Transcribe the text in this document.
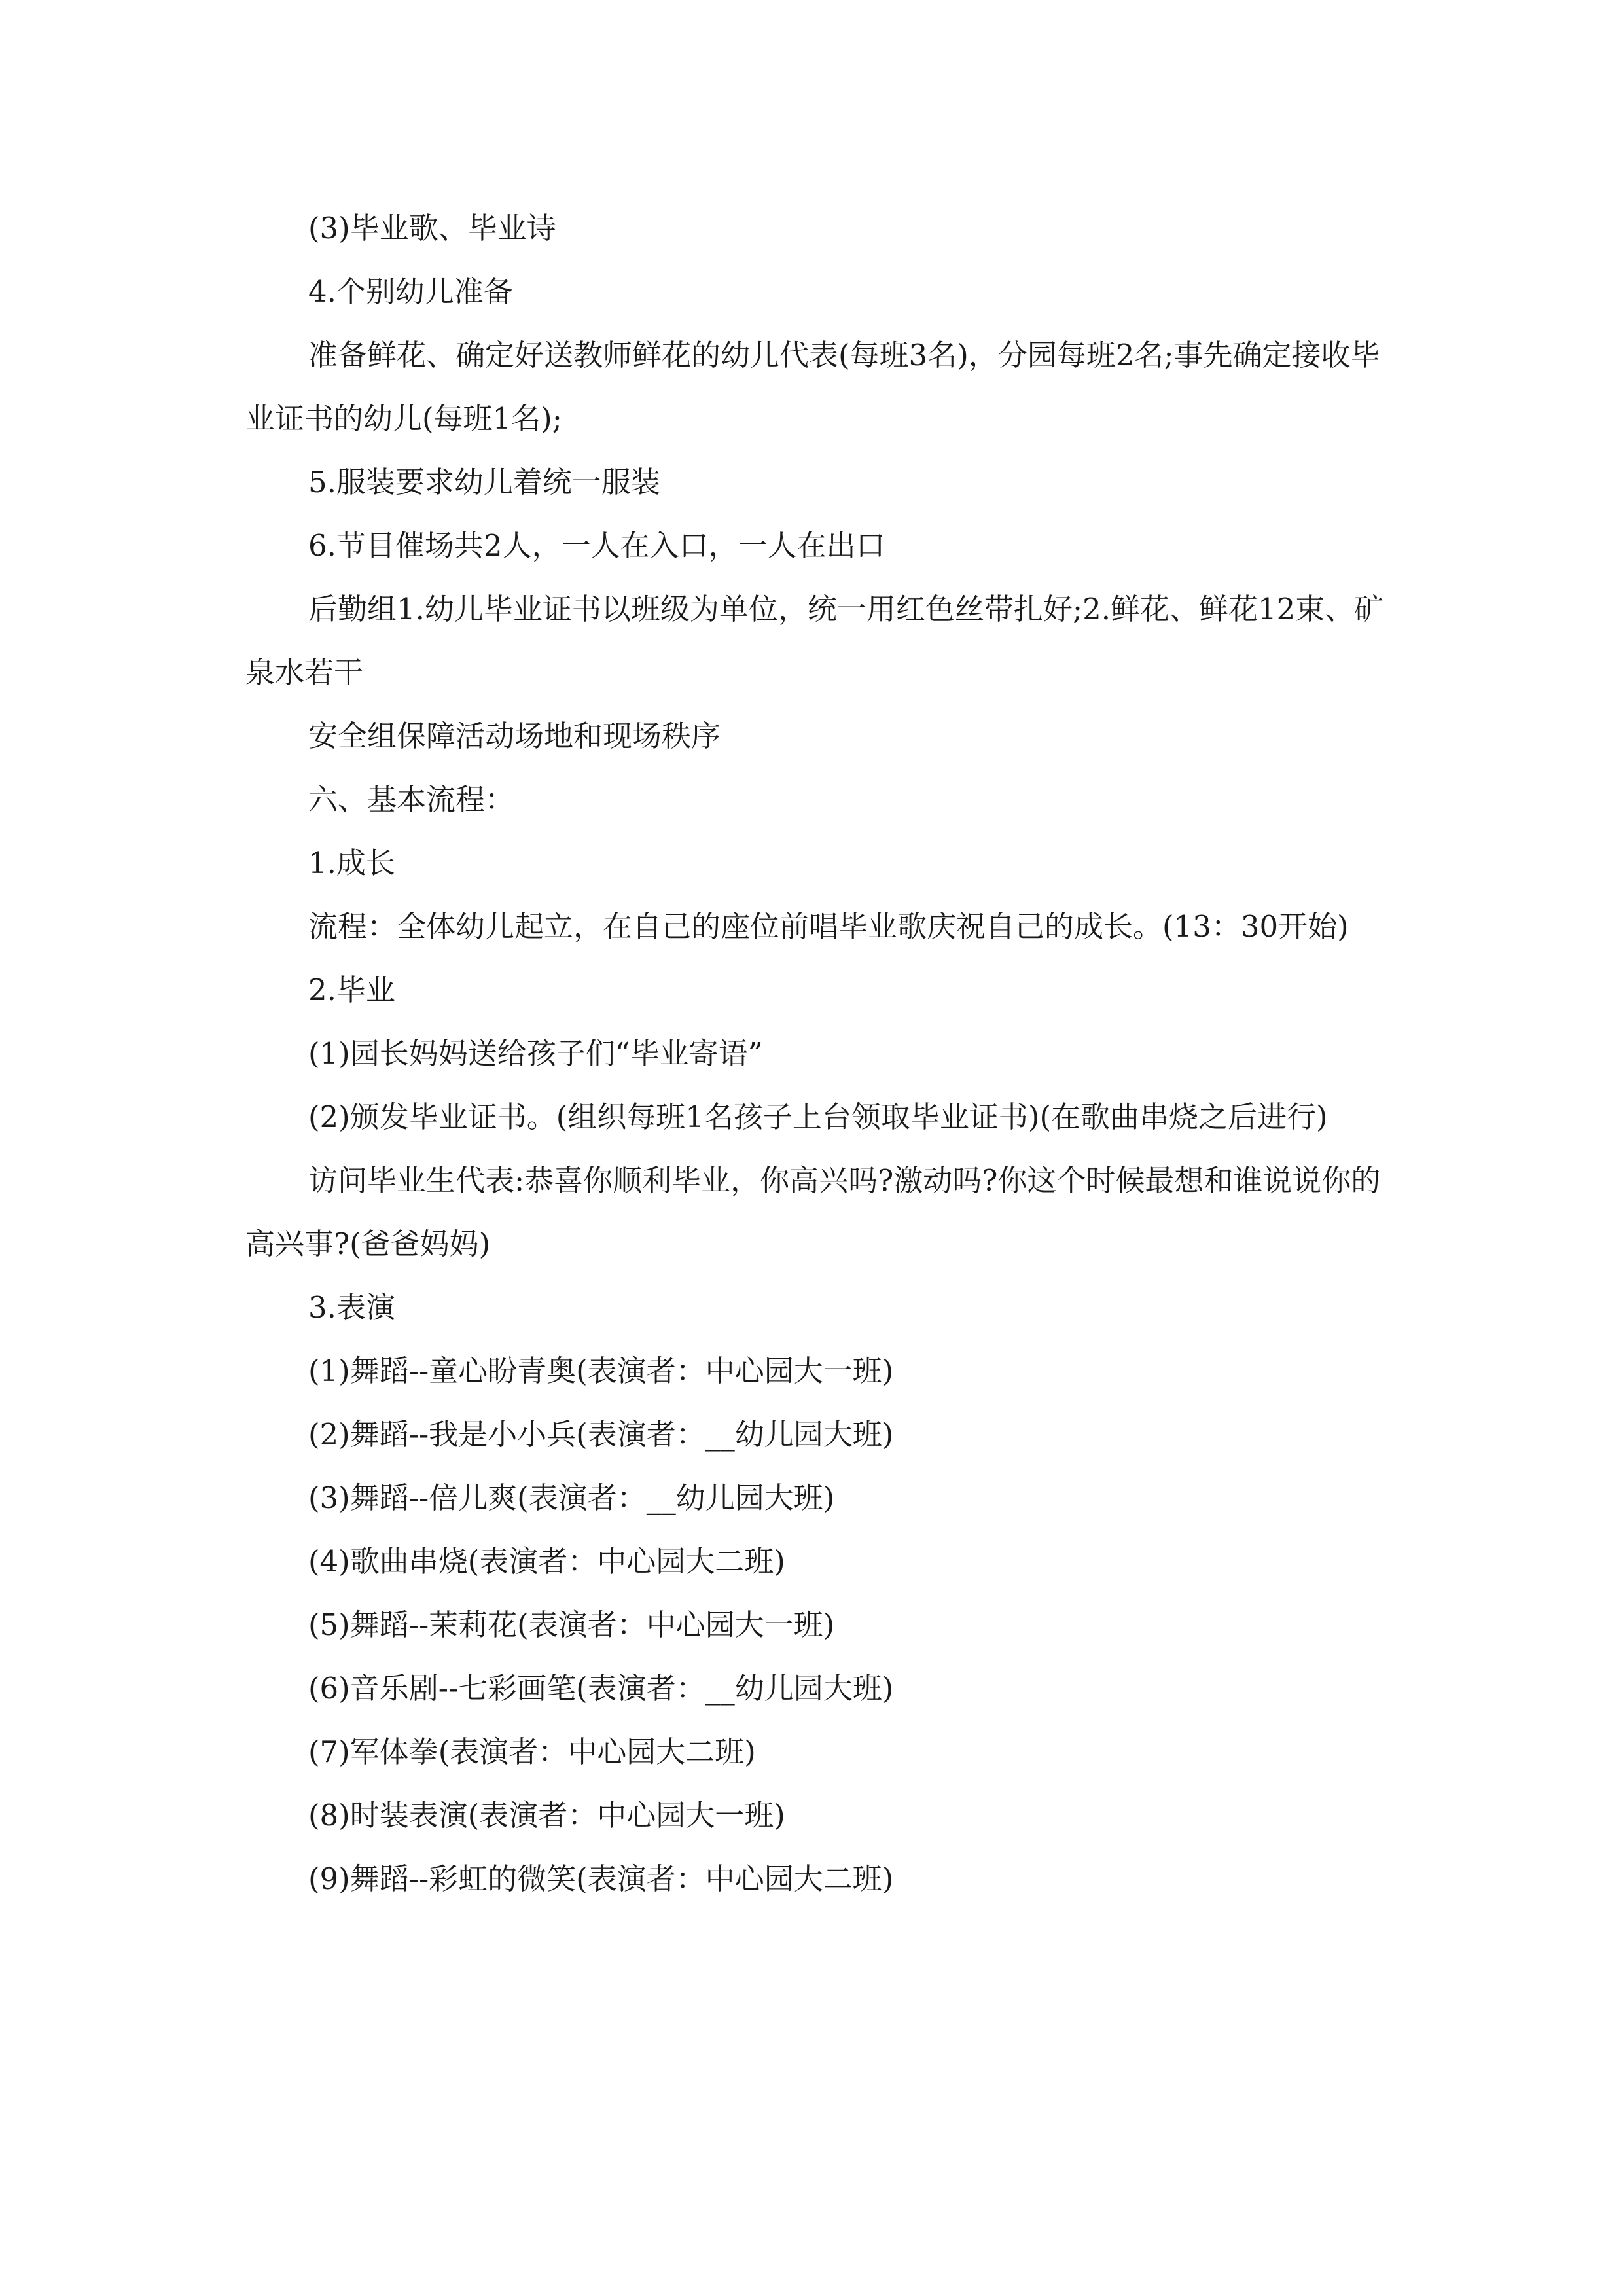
(3)毕业歌、毕业诗

4.个别幼儿准备

准备鲜花、确定好送教师鲜花的幼儿代表(每班3名)，分园每班2名;事先确定接收毕业证书的幼儿(每班1名);

5.服装要求幼儿着统一服装

6.节目催场共2人，一人在入口，一人在出口

后勤组1.幼儿毕业证书以班级为单位，统一用红色丝带扎好;2.鲜花、鲜花12束、矿泉水若干

安全组保障活动场地和现场秩序

六、基本流程：

1.成长

流程：全体幼儿起立，在自己的座位前唱毕业歌庆祝自己的成长。(13：30开始)

2.毕业

(1)园长妈妈送给孩子们“毕业寄语”

(2)颁发毕业证书。(组织每班1名孩子上台领取毕业证书)(在歌曲串烧之后进行)

访问毕业生代表:恭喜你顺利毕业，你高兴吗?激动吗?你这个时候最想和谁说说你的高兴事?(爸爸妈妈)

3.表演

(1)舞蹈--童心盼青奥(表演者：中心园大一班)

(2)舞蹈--我是小小兵(表演者：__幼儿园大班)

(3)舞蹈--倍儿爽(表演者：__幼儿园大班)

(4)歌曲串烧(表演者：中心园大二班)

(5)舞蹈--茉莉花(表演者：中心园大一班)

(6)音乐剧--七彩画笔(表演者：__幼儿园大班)

(7)军体拳(表演者：中心园大二班)

(8)时装表演(表演者：中心园大一班)

(9)舞蹈--彩虹的微笑(表演者：中心园大二班)
